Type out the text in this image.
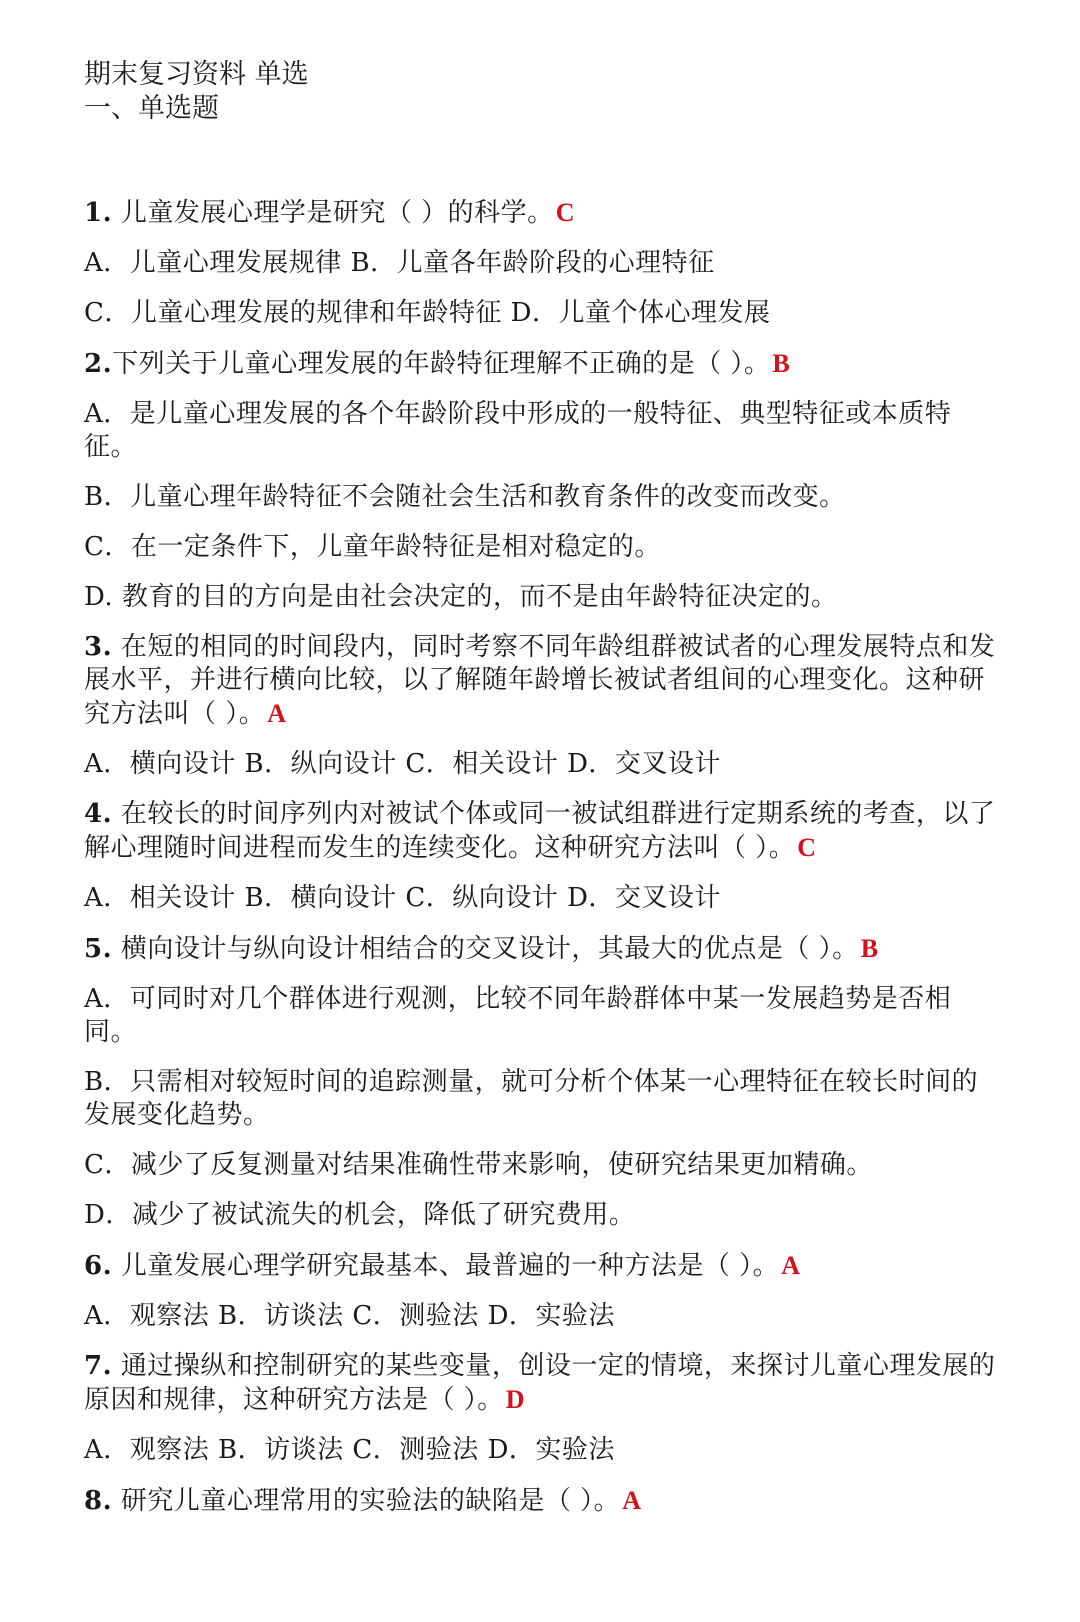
期末复习资料 单选

一、单选题

1. 儿童发展心理学是研究（ ）的科学。C

A．儿童心理发展规律 B．儿童各年龄阶段的心理特征

C．儿童心理发展的规律和年龄特征 D．儿童个体心理发展

2.下列关于儿童心理发展的年龄特征理解不正确的是（ ）。B

A．是儿童心理发展的各个年龄阶段中形成的一般特征、典型特征或本质特征。

B．儿童心理年龄特征不会随社会生活和教育条件的改变而改变。

C．在一定条件下，儿童年龄特征是相对稳定的。

D. 教育的目的方向是由社会决定的，而不是由年龄特征决定的。

3. 在短的相同的时间段内，同时考察不同年龄组群被试者的心理发展特点和发展水平，并进行横向比较，以了解随年龄增长被试者组间的心理变化。这种研究方法叫（ ）。A

A．横向设计 B．纵向设计 C．相关设计 D．交叉设计

4. 在较长的时间序列内对被试个体或同一被试组群进行定期系统的考查，以了解心理随时间进程而发生的连续变化。这种研究方法叫（ ）。C

A．相关设计 B．横向设计 C．纵向设计 D．交叉设计

5. 横向设计与纵向设计相结合的交叉设计，其最大的优点是（ ）。B

A．可同时对几个群体进行观测，比较不同年龄群体中某一发展趋势是否相同。

B．只需相对较短时间的追踪测量，就可分析个体某一心理特征在较长时间的发展变化趋势。

C．减少了反复测量对结果准确性带来影响，使研究结果更加精确。

D．减少了被试流失的机会，降低了研究费用。

6. 儿童发展心理学研究最基本、最普遍的一种方法是（ ）。A

A．观察法 B．访谈法 C．测验法 D．实验法

7. 通过操纵和控制研究的某些变量，创设一定的情境，来探讨儿童心理发展的原因和规律，这种研究方法是（ ）。D

A．观察法 B．访谈法 C．测验法 D．实验法

8. 研究儿童心理常用的实验法的缺陷是（ ）。A
